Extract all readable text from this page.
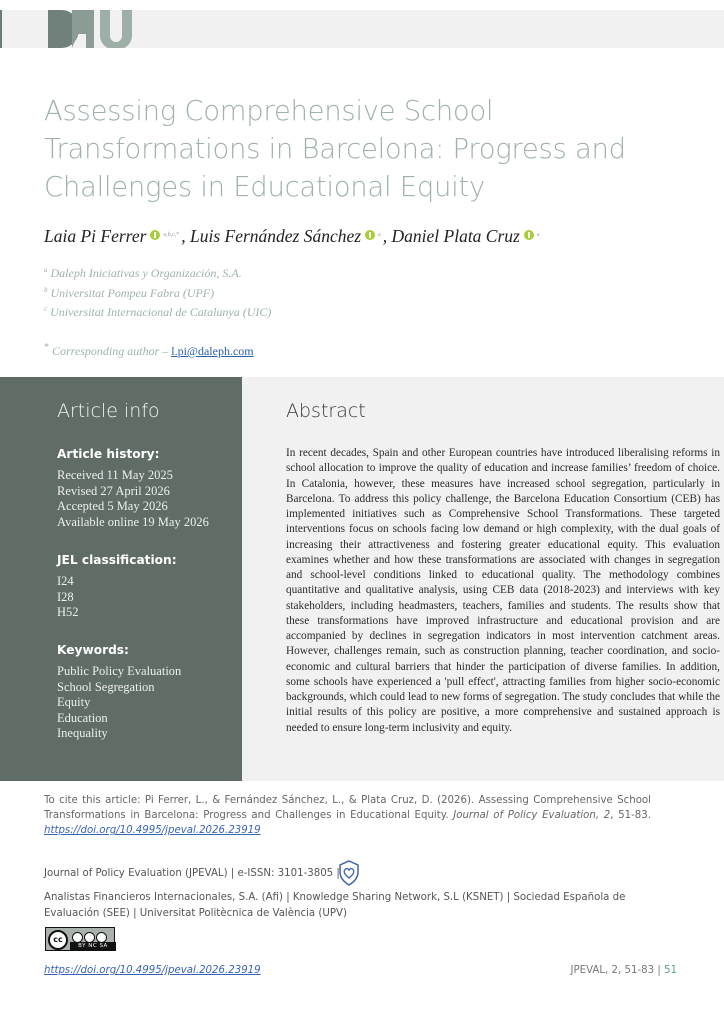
Assessing Comprehensive School Transformations in Barcelona: Progress and Challenges in Educational Equity
Laia Pi Ferrer	$^{a,b,c,*}$ , Luis Fernández Sánchez	$^a$ , Daniel Plata Cruz	$^a$
$^a$ Daleph Iniciativas y Organización, S.A.
$^b$ Universitat Pompeu Fabra (UPF)
$^c$ Universitat Internacional de Catalunya (UIC)
* Corresponding author – l.pi@daleph.com
Article info
Article history:
Received 11 May 2025
Revised 27 April 2026
Accepted 5 May 2026
Available online 19 May 2026
JEL classification:
I24
I28
H52
Keywords:
Public Policy Evaluation
School Segregation
Equity
Education
Inequality
Abstract
In recent decades, Spain and other European countries have introduced liberalising reforms in school allocation to improve the quality of education and increase families’ freedom of choice. In Catalonia, however, these measures have increased school segregation, particularly in Barcelona. To address this policy challenge, the Barcelona Education Consortium (CEB) has implemented initiatives such as Comprehensive School Transformations. These targeted interventions focus on schools facing low demand or high complexity, with the dual goals of increasing their attractiveness and fostering greater educational equity. This evaluation examines whether and how these transformations are associated with changes in segregation and school-level conditions linked to educational quality. The methodology combines quantitative and qualitative analysis, using CEB data (2018-2023) and interviews with key stakeholders, including headmasters, teachers, families and students. The results show that these transformations have improved infrastructure and educational provision and are accompanied by declines in segregation indicators in most intervention catchment areas. However, challenges remain, such as construction planning, teacher coordination, and socio-economic and cultural barriers that hinder the participation of diverse families. In addition, some schools have experienced a 'pull effect', attracting families from higher socio-economic backgrounds, which could lead to new forms of segregation. The study concludes that while the initial results of this policy are positive, a more comprehensive and sustained approach is needed to ensure long-term inclusivity and equity.
To cite this article: Pi Ferrer, L., & Fernández Sánchez, L., & Plata Cruz, D. (2026). Assessing Comprehensive School Transformations in Barcelona: Progress and Challenges in Educational Equity. Journal of Policy Evaluation, 2, 51-83. https://doi.org/10.4995/jpeval.2026.23919
Journal of Policy Evaluation (JPEVAL) | e-ISSN: 3101-3805 |
Analistas Financieros Internacionales, S.A. (Afi) | Knowledge Sharing Network, S.L (KSNET) | Sociedad Española de Evaluación (SEE) | Universitat Politècnica de València (UPV)
cc
BY NC SA
https://doi.org/10.4995/jpeval.2026.23919	JPEVAL, 2, 51-83 | 51
